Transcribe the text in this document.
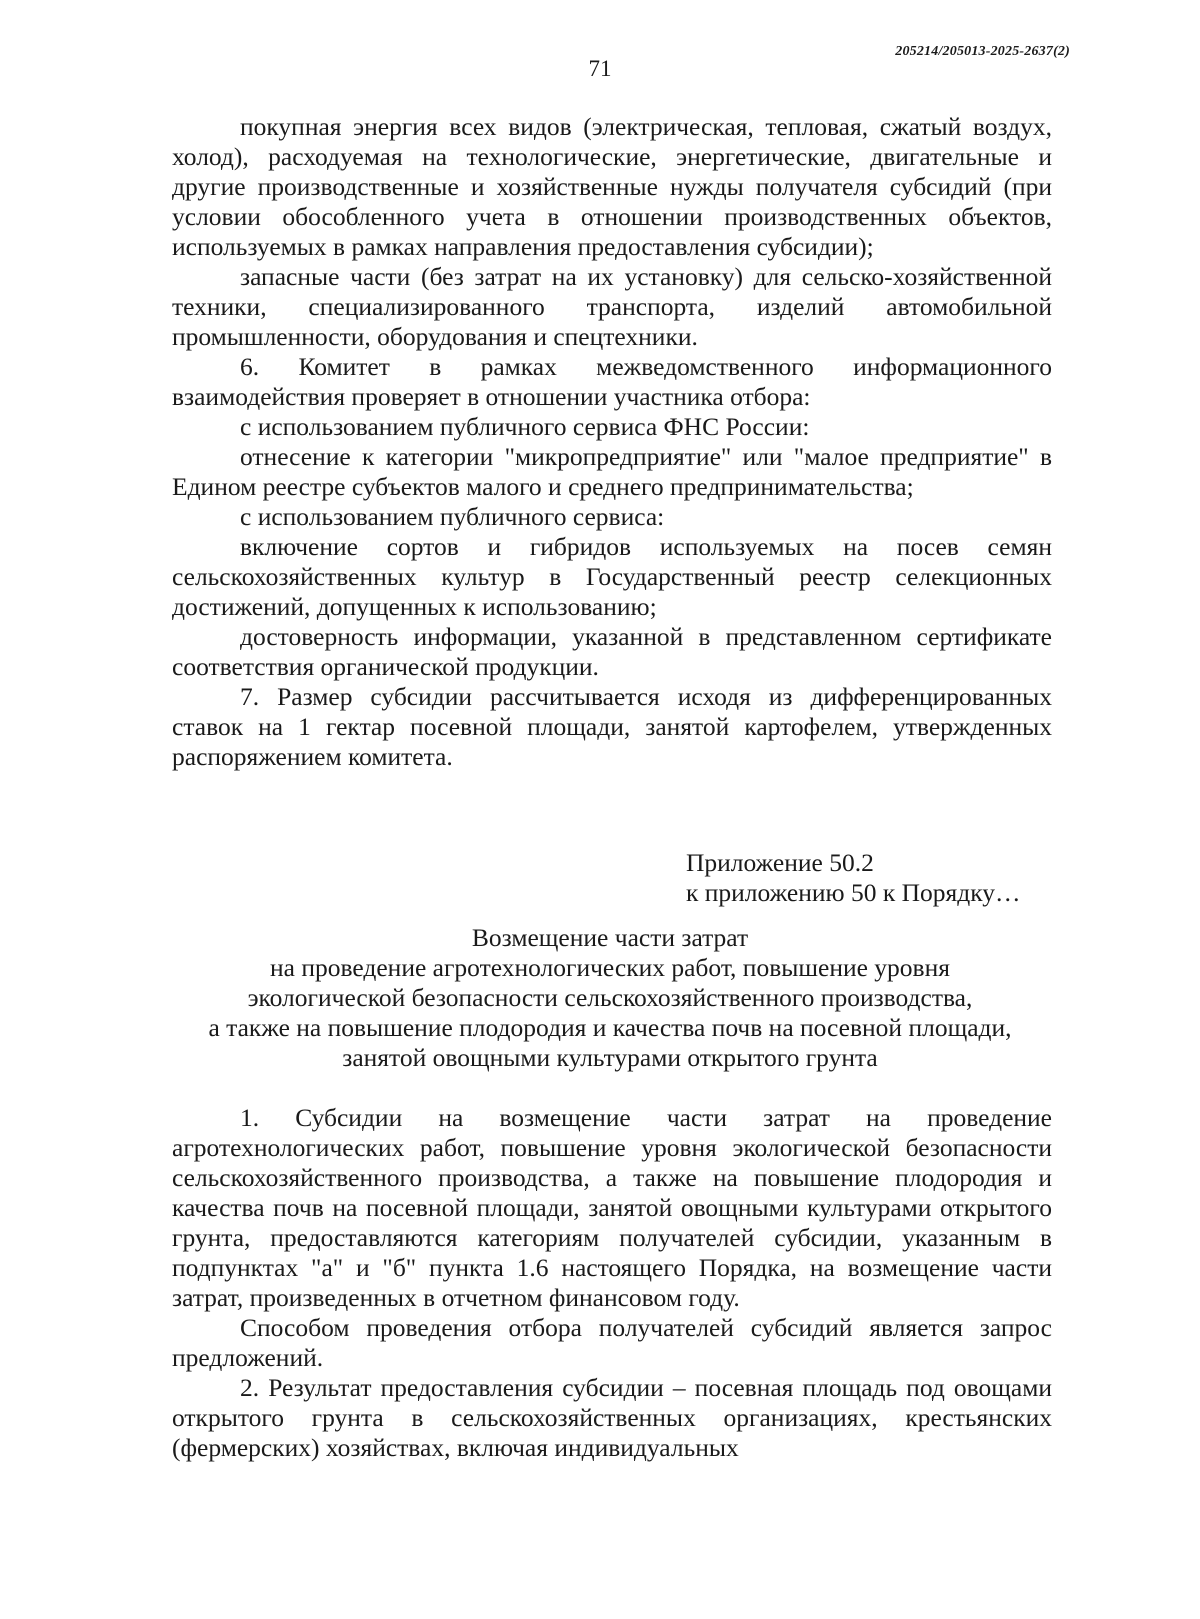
205214/205013-2025-2637(2)
71

покупная энергия всех видов (электрическая, тепловая, сжатый воздух, холод), расходуемая на технологические, энергетические, двигательные и другие производственные и хозяйственные нужды получателя субсидий (при условии обособленного учета в отношении производственных объектов, используемых в рамках направления предоставления субсидии);

запасные части (без затрат на их установку) для сельско-хозяйственной техники, специализированного транспорта, изделий автомобильной промышленности, оборудования и спецтехники.

6. Комитет в рамках межведомственного информационного взаимодействия проверяет в отношении участника отбора:

с использованием публичного сервиса ФНС России:

отнесение к категории "микропредприятие" или "малое предприятие" в Едином реестре субъектов малого и среднего предпринимательства;

с использованием публичного сервиса:

включение сортов и гибридов используемых на посев семян сельскохозяйственных культур в Государственный реестр селекционных достижений, допущенных к использованию;

достоверность информации, указанной в представленном сертификате соответствия органической продукции.

7. Размер субсидии рассчитывается исходя из дифференцированных ставок на 1 гектар посевной площади, занятой картофелем, утвержденных распоряжением комитета.

Приложение 50.2
к приложению 50 к Порядку…
Возмещение части затрат
на проведение агротехнологических работ, повышение уровня
экологической безопасности сельскохозяйственного производства,
а также на повышение плодородия и качества почв на посевной площади,
занятой овощными культурами открытого грунта

1. Субсидии на возмещение части затрат на проведение агротехнологических работ, повышение уровня экологической безопасности сельскохозяйственного производства, а также на повышение плодородия и качества почв на посевной площади, занятой овощными культурами открытого грунта, предоставляются категориям получателей субсидии, указанным в подпунктах "а" и "б" пункта 1.6 настоящего Порядка, на возмещение части затрат, произведенных в отчетном финансовом году.

Способом проведения отбора получателей субсидий является запрос предложений.

2. Результат предоставления субсидии – посевная площадь под овощами открытого грунта в сельскохозяйственных организациях, крестьянских (фермерских) хозяйствах, включая индивидуальных
